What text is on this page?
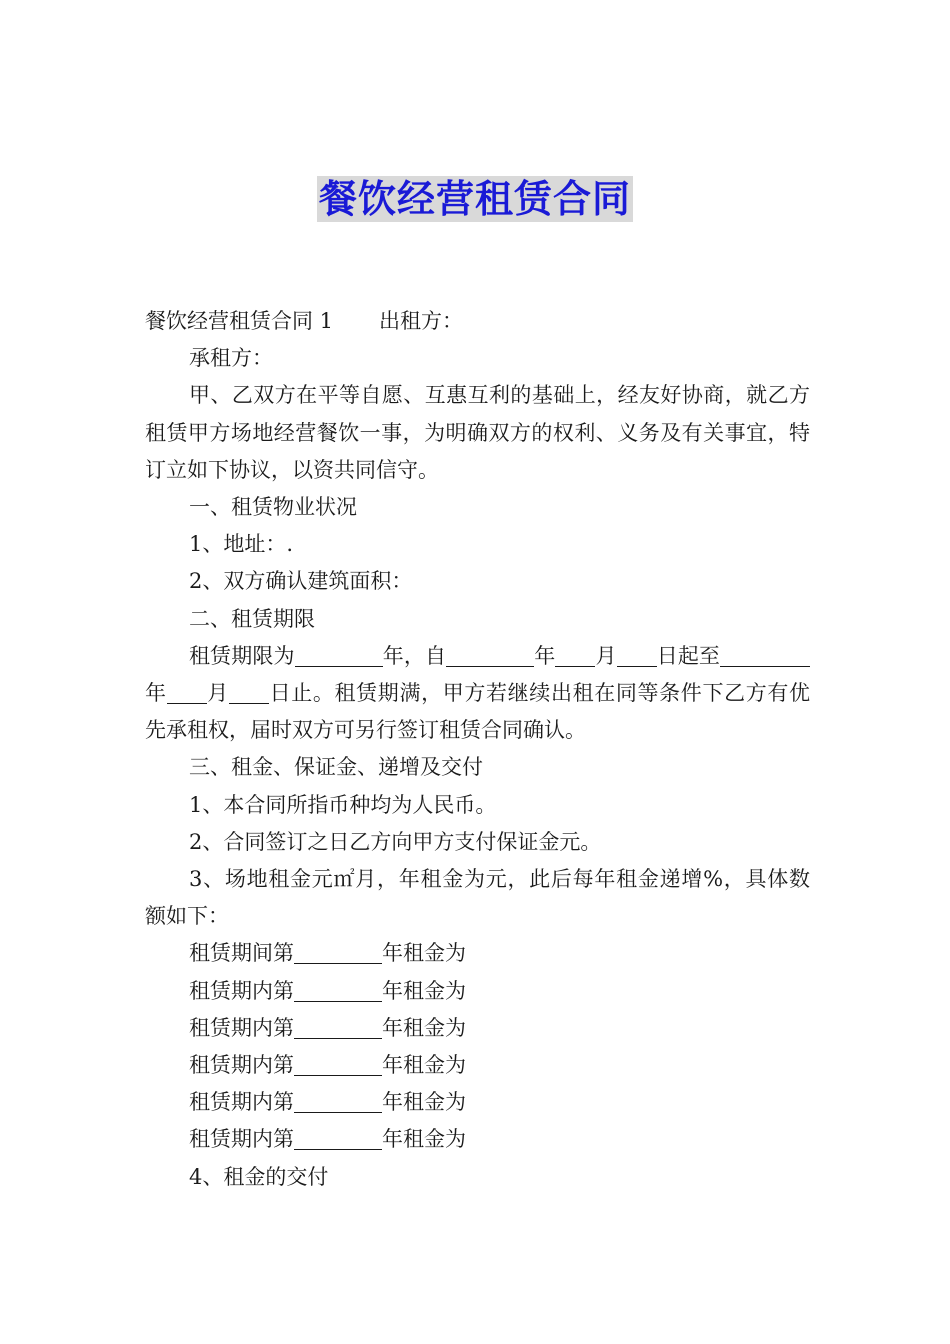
餐饮经营租赁合同

餐饮经营租赁合同 1 出租方：

承租方：

甲、乙双方在平等自愿、互惠互利的基础上，经友好协商，就乙方租赁甲方场地经营餐饮一事，为明确双方的权利、义务及有关事宜，特订立如下协议，以资共同信守。

一、租赁物业状况

1、地址：.

2、双方确认建筑面积：

二、租赁期限

租赁期限为	年，自	年 月 日起至年 月 日止。租赁期满，甲方若继续出租在同等条件下乙方有优先承租权，届时双方可另行签订租赁合同确认。

三、租金、保证金、递增及交付

1、本合同所指币种均为人民币。

2、合同签订之日乙方向甲方支付保证金元。

3、场地租金元㎡月，年租金为元，此后每年租金递增%，具体数额如下：

租赁期间第	年租金为

租赁期内第	年租金为

租赁期内第	年租金为

租赁期内第	年租金为

租赁期内第	年租金为

租赁期内第	年租金为

4、租金的交付
